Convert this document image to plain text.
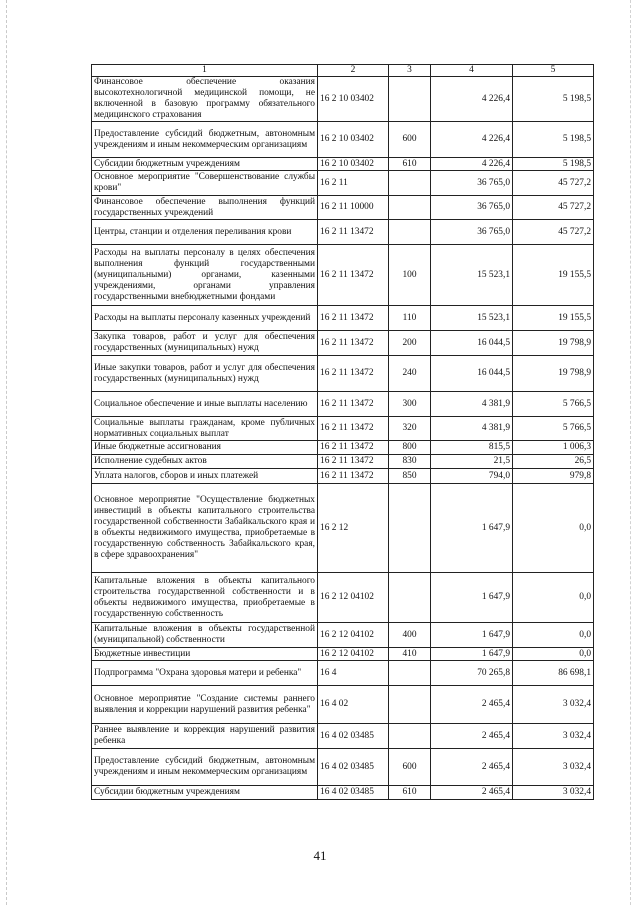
1	2	3	4	5
Финансовое обеспечение оказания высокотехнологичной медицинской помощи, не включенной в базовую программу обязательного медицинского страхования	16 2 10 03402		4 226,4	5 198,5
Предоставление субсидий бюджетным, автономным учреждениям и иным некоммерческим организациям	16 2 10 03402	600	4 226,4	5 198,5
Субсидии бюджетным учреждениям	16 2 10 03402	610	4 226,4	5 198,5
Основное мероприятие "Совершенствование службы крови"	16 2 11		36 765,0	45 727,2
Финансовое обеспечение выполнения функций государственных учреждений	16 2 11 10000		36 765,0	45 727,2
Центры, станции и отделения переливания крови	16 2 11 13472		36 765,0	45 727,2
Расходы на выплаты персоналу в целях обеспечения выполнения функций государственными (муниципальными) органами, казенными учреждениями, органами управления государственными внебюджетными фондами	16 2 11 13472	100	15 523,1	19 155,5
Расходы на выплаты персоналу казенных учреждений	16 2 11 13472	110	15 523,1	19 155,5
Закупка товаров, работ и услуг для обеспечения государственных (муниципальных) нужд	16 2 11 13472	200	16 044,5	19 798,9
Иные закупки товаров, работ и услуг для обеспечения государственных (муниципальных) нужд	16 2 11 13472	240	16 044,5	19 798,9
Социальное обеспечение и иные выплаты населению	16 2 11 13472	300	4 381,9	5 766,5
Социальные выплаты гражданам, кроме публичных нормативных социальных выплат	16 2 11 13472	320	4 381,9	5 766,5
Иные бюджетные ассигнования	16 2 11 13472	800	815,5	1 006,3
Исполнение судебных актов	16 2 11 13472	830	21,5	26,5
Уплата налогов, сборов и иных платежей	16 2 11 13472	850	794,0	979,8
Основное мероприятие "Осуществление бюджетных инвестиций в объекты капитального строительства государственной собственности Забайкальского края и в объекты недвижимого имущества, приобретаемые в государственную собственность Забайкальского края, в сфере здравоохранения"	16 2 12		1 647,9	0,0
Капитальные вложения в объекты капитального строительства государственной собственности и в объекты недвижимого имущества, приобретаемые в государственную собственность	16 2 12 04102		1 647,9	0,0
Капитальные вложения в объекты государственной (муниципальной) собственности	16 2 12 04102	400	1 647,9	0,0
Бюджетные инвестиции	16 2 12 04102	410	1 647,9	0,0
Подпрограмма "Охрана здоровья матери и ребенка"	16 4		70 265,8	86 698,1
Основное мероприятие "Создание системы раннего выявления и коррекции нарушений развития ребенка"	16 4 02		2 465,4	3 032,4
Раннее выявление и коррекция нарушений развития ребенка	16 4 02 03485		2 465,4	3 032,4
Предоставление субсидий бюджетным, автономным учреждениям и иным некоммерческим организациям	16 4 02 03485	600	2 465,4	3 032,4
Субсидии бюджетным учреждениям	16 4 02 03485	610	2 465,4	3 032,4
41
